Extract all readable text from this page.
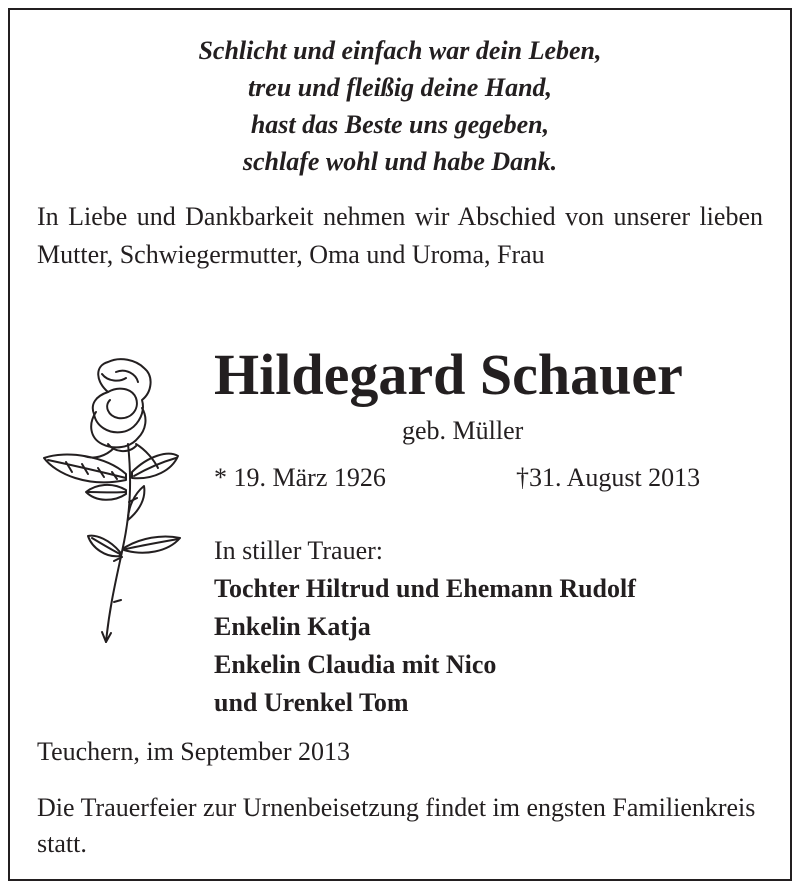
Schlicht und einfach war dein Leben,
treu und fleißig deine Hand,
hast das Beste uns gegeben,
schlafe wohl und habe Dank.
In Liebe und Dankbarkeit nehmen wir Abschied von unserer lieben Mutter, Schwiegermutter, Oma und Uroma, Frau
Hildegard Schauer
geb. Müller
* 19. März 1926	†31. August 2013
In stiller Trauer:
Tochter Hiltrud und Ehemann Rudolf
Enkelin Katja
Enkelin Claudia mit Nico
und Urenkel Tom
Teuchern, im September 2013
Die Trauerfeier zur Urnenbeisetzung findet im engsten Familienkreis statt.
